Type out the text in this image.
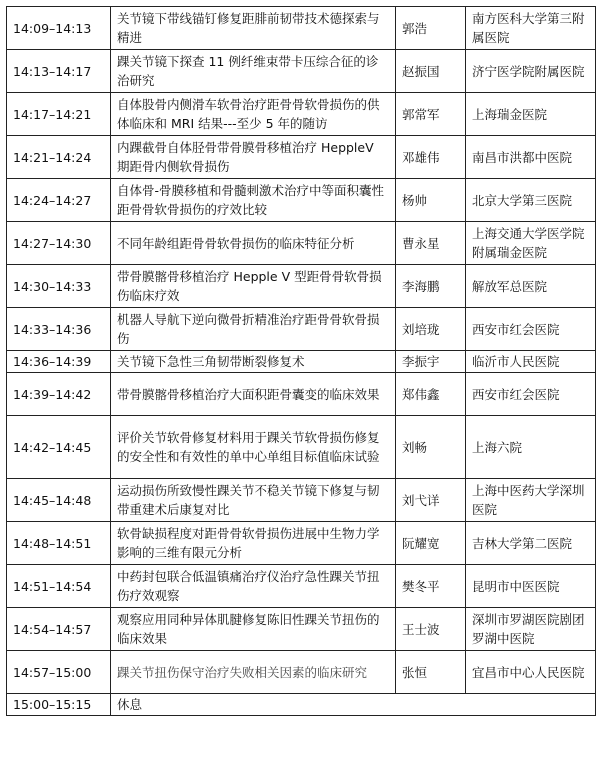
14:09–14:13	关节镜下带线锚钉修复距腓前韧带技术德探索与精进	郭浩	南方医科大学第三附属医院
14:13–14:17	踝关节镜下探查 11 例纤维束带卡压综合征的诊治研究	赵振国	济宁医学院附属医院
14:17–14:21	自体股骨内侧滑车软骨治疗距骨骨软骨损伤的供体临床和 MRI 结果---至少 5 年的随访	郭常军	上海瑞金医院
14:21–14:24	内踝截骨自体胫骨带骨膜骨移植治疗 HeppleV 期距骨内侧软骨损伤	邓雄伟	南昌市洪都中医院
14:24–14:27	自体骨-骨膜移植和骨髓刺激术治疗中等面积囊性距骨骨软骨损伤的疗效比较	杨帅	北京大学第三医院
14:27–14:30	不同年龄组距骨骨软骨损伤的临床特征分析	曹永星	上海交通大学医学院附属瑞金医院
14:30–14:33	带骨膜髂骨移植治疗 Hepple V 型距骨骨软骨损伤临床疗效	李海鹏	解放军总医院
14:33–14:36	机器人导航下逆向微骨折精准治疗距骨骨软骨损伤	刘培珑	西安市红会医院
14:36–14:39	关节镜下急性三角韧带断裂修复术	李振宇	临沂市人民医院
14:39–14:42	带骨膜髂骨移植治疗大面积距骨囊变的临床效果	郑伟鑫	西安市红会医院
14:42–14:45	评价关节软骨修复材料用于踝关节软骨损伤修复的安全性和有效性的单中心单组目标值临床试验	刘畅	上海六院
14:45–14:48	运动损伤所致慢性踝关节不稳关节镜下修复与韧带重建术后康复对比	刘弋详	上海中医药大学深圳医院
14:48–14:51	软骨缺损程度对距骨骨软骨损伤进展中生物力学影响的三维有限元分析	阮耀宽	吉林大学第二医院
14:51–14:54	中药封包联合低温镇痛治疗仪治疗急性踝关节扭伤疗效观察	樊冬平	昆明市中医医院
14:54–14:57	观察应用同种异体肌腱修复陈旧性踝关节扭伤的临床效果	王士波	深圳市罗湖医院剧团罗湖中医院
14:57–15:00	踝关节扭伤保守治疗失败相关因素的临床研究	张恒	宜昌市中心人民医院
15:00–15:15	休息		
